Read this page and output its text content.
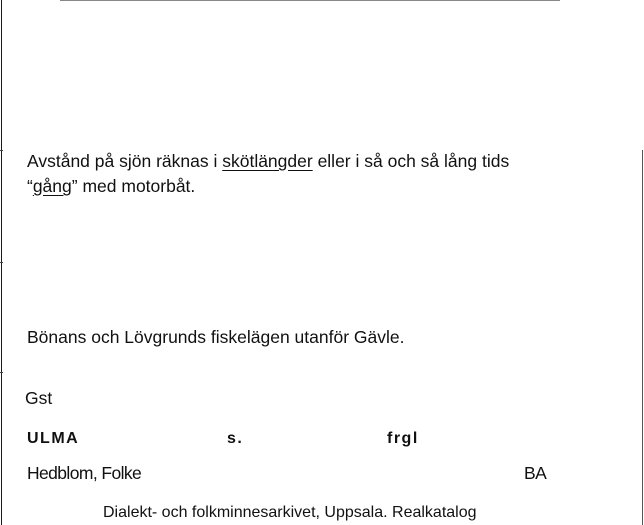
Avstånd på sjön räknas i skötlängder eller i så och så lång tids
“gång” med motorbåt.
Bönans och Lövgrunds fiskelägen utanför Gävle.
Gst
ULMA	s.	frgl
Hedblom, Folke	BA
Dialekt- och folkminnesarkivet, Uppsala. Realkatalog
